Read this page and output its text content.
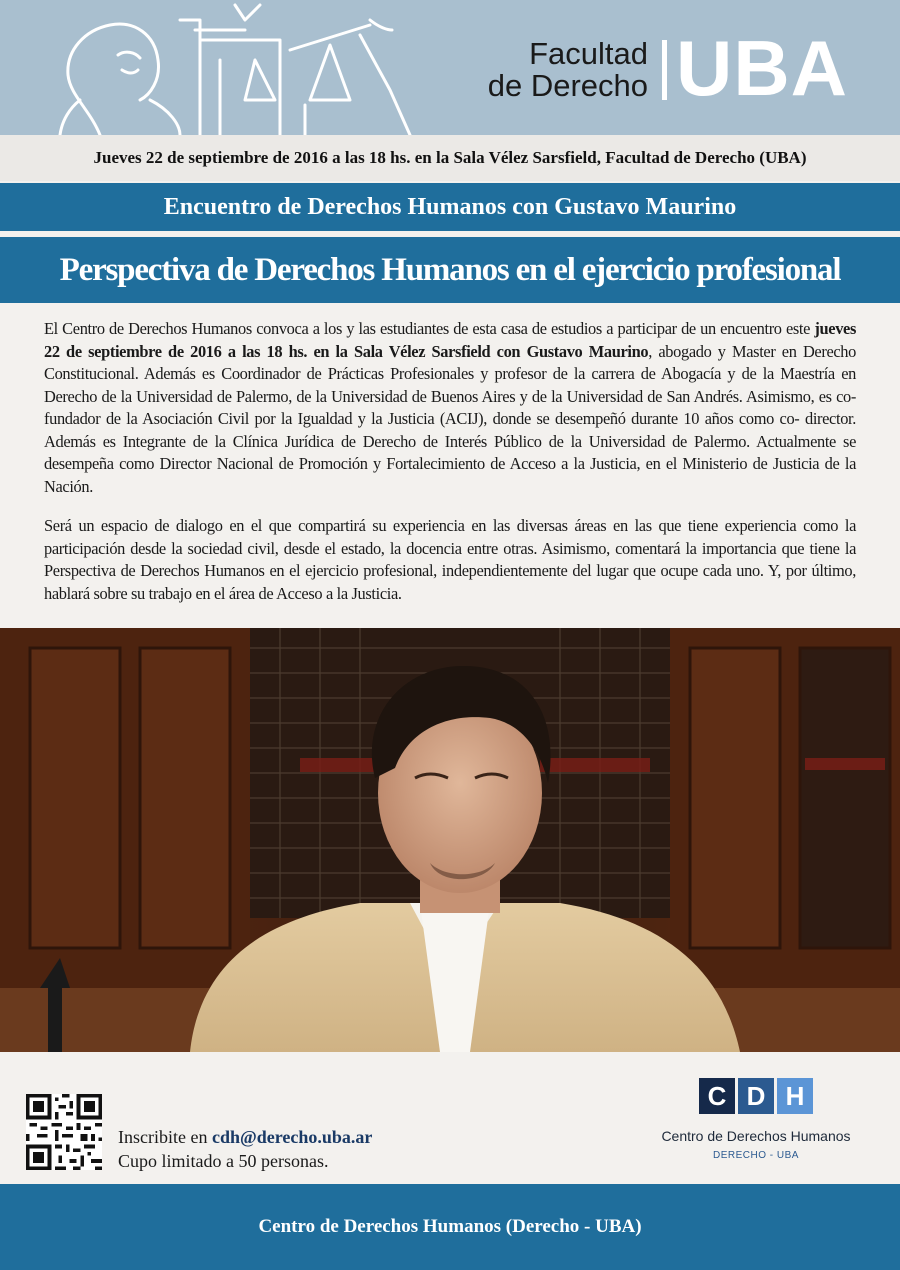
Facultad
de Derecho UBA
Jueves 22 de septiembre de 2016 a las 18 hs. en la Sala Vélez Sarsfield, Facultad de Derecho (UBA)
Encuentro de Derechos Humanos con Gustavo Maurino
Perspectiva de Derechos Humanos en el ejercicio profesional

El Centro de Derechos Humanos convoca a los y las estudiantes de esta casa de estudios a participar de un encuentro este jueves 22 de septiembre de 2016 a las 18 hs. en la Sala Vélez Sarsfield con Gustavo Maurino, abogado y Master en Derecho Constitucional. Además es Coordinador de Prácticas Profesionales y profesor de la carrera de Abogacía y de la Maestría en Derecho de la Universidad de Palermo, de la Universidad de Buenos Aires y de la Universidad de San Andrés. Asimismo, es co-fundador de la Asociación Civil por la Igualdad y la Justicia (ACIJ), donde se desempeñó durante 10 años como co- director. Además es Integrante de la Clínica Jurídica de Derecho de Interés Público de la Universidad de Palermo. Actualmente se desempeña como Director Nacional de Promoción y Fortalecimiento de Acceso a la Justicia, en el Ministerio de Justicia de la Nación.

Será un espacio de dialogo en el que compartirá su experiencia en las diversas áreas en las que tiene experiencia como la participación desde la sociedad civil, desde el estado, la docencia entre otras. Asimismo, comentará la importancia que tiene la Perspectiva de Derechos Humanos en el ejercicio profesional, independientemente del lugar que ocupe cada uno. Y, por último, hablará sobre su trabajo en el área de Acceso a la Justicia.

Inscribite en cdh@derecho.uba.ar
Cupo limitado a 50 personas.
C D H
Centro de Derechos Humanos
DERECHO - UBA
Centro de Derechos Humanos (Derecho - UBA)
